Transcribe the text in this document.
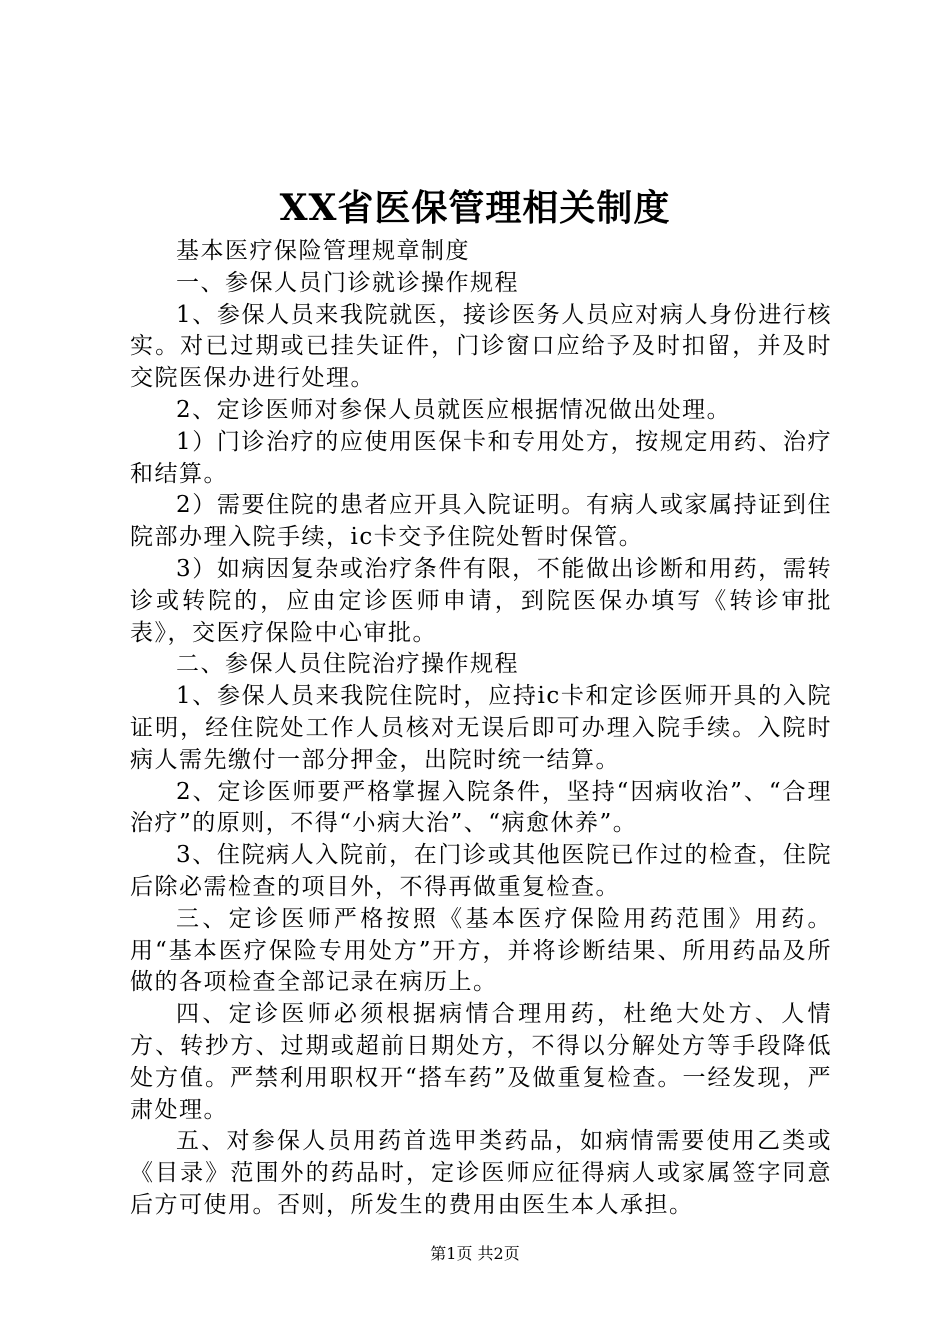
XX省医保管理相关制度

基本医疗保险管理规章制度

一、参保人员门诊就诊操作规程

1、参保人员来我院就医，接诊医务人员应对病人身份进行核实。对已过期或已挂失证件，门诊窗口应给予及时扣留，并及时交院医保办进行处理。

2、定诊医师对参保人员就医应根据情况做出处理。

1）门诊治疗的应使用医保卡和专用处方，按规定用药、治疗和结算。

2）需要住院的患者应开具入院证明。有病人或家属持证到住院部办理入院手续，ic卡交予住院处暂时保管。

3）如病因复杂或治疗条件有限，不能做出诊断和用药，需转诊或转院的，应由定诊医师申请，到院医保办填写《转诊审批表》，交医疗保险中心审批。

二、参保人员住院治疗操作规程

1、参保人员来我院住院时，应持ic卡和定诊医师开具的入院证明，经住院处工作人员核对无误后即可办理入院手续。入院时病人需先缴付一部分押金，出院时统一结算。

2、定诊医师要严格掌握入院条件，坚持“因病收治”、“合理治疗”的原则，不得“小病大治”、“病愈休养”。

3、住院病人入院前，在门诊或其他医院已作过的检查，住院后除必需检查的项目外，不得再做重复检查。

三、定诊医师严格按照《基本医疗保险用药范围》用药。用“基本医疗保险专用处方”开方，并将诊断结果、所用药品及所做的各项检查全部记录在病历上。

四、定诊医师必须根据病情合理用药，杜绝大处方、人情方、转抄方、过期或超前日期处方，不得以分解处方等手段降低处方值。严禁利用职权开“搭车药”及做重复检查。一经发现，严肃处理。

五、对参保人员用药首选甲类药品，如病情需要使用乙类或《目录》范围外的药品时，定诊医师应征得病人或家属签字同意后方可使用。否则，所发生的费用由医生本人承担。

第1页 共2页
